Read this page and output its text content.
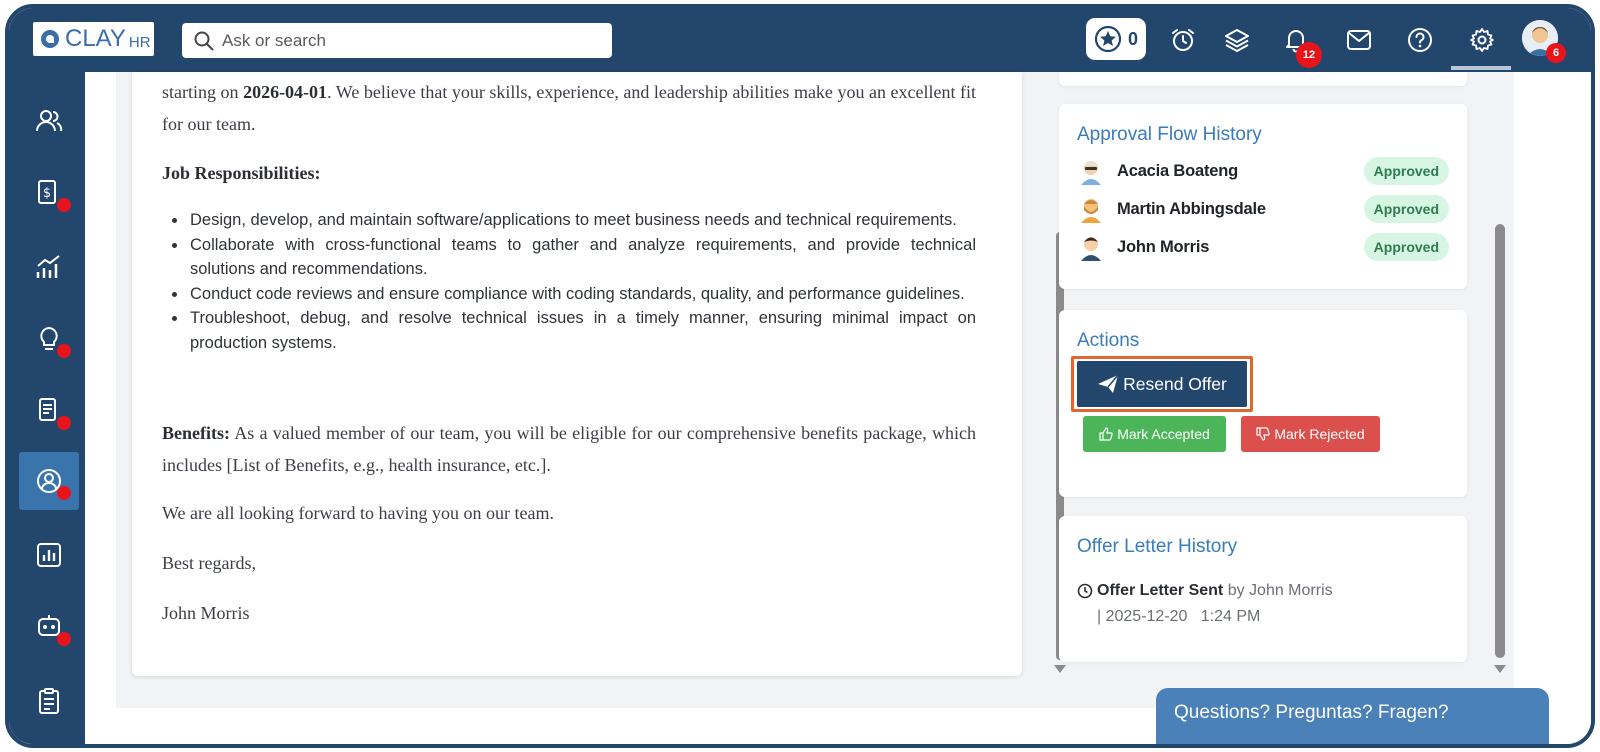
CLAY HR
Ask or search	0
12	6
$

starting on 2026-04-01. We believe that your skills, experience, and leadership abilities make you an excellent fit for our team.

Job Responsibilities:

Design, develop, and maintain software/applications to meet business needs and technical requirements.
Collaborate with cross-functional teams to gather and analyze requirements, and provide technical solutions and recommendations.
Conduct code reviews and ensure compliance with coding standards, quality, and performance guidelines.
Troubleshoot, debug, and resolve technical issues in a timely manner, ensuring minimal impact on production systems.

Benefits: As a valued member of our team, you will be eligible for our comprehensive benefits package, which includes [List of Benefits, e.g., health insurance, etc.].

We are all looking forward to having you on our team.

Best regards,

John Morris

Approval Flow History
Acacia Boateng	Approved
Martin Abbingsdale	Approved
John Morris	Approved
Actions
Resend Offer
Mark Accepted	Mark Rejected
Offer Letter History
Offer Letter Sent by John Morris
| 2025-12-20   1:24 PM
Questions? Preguntas? Fragen?
